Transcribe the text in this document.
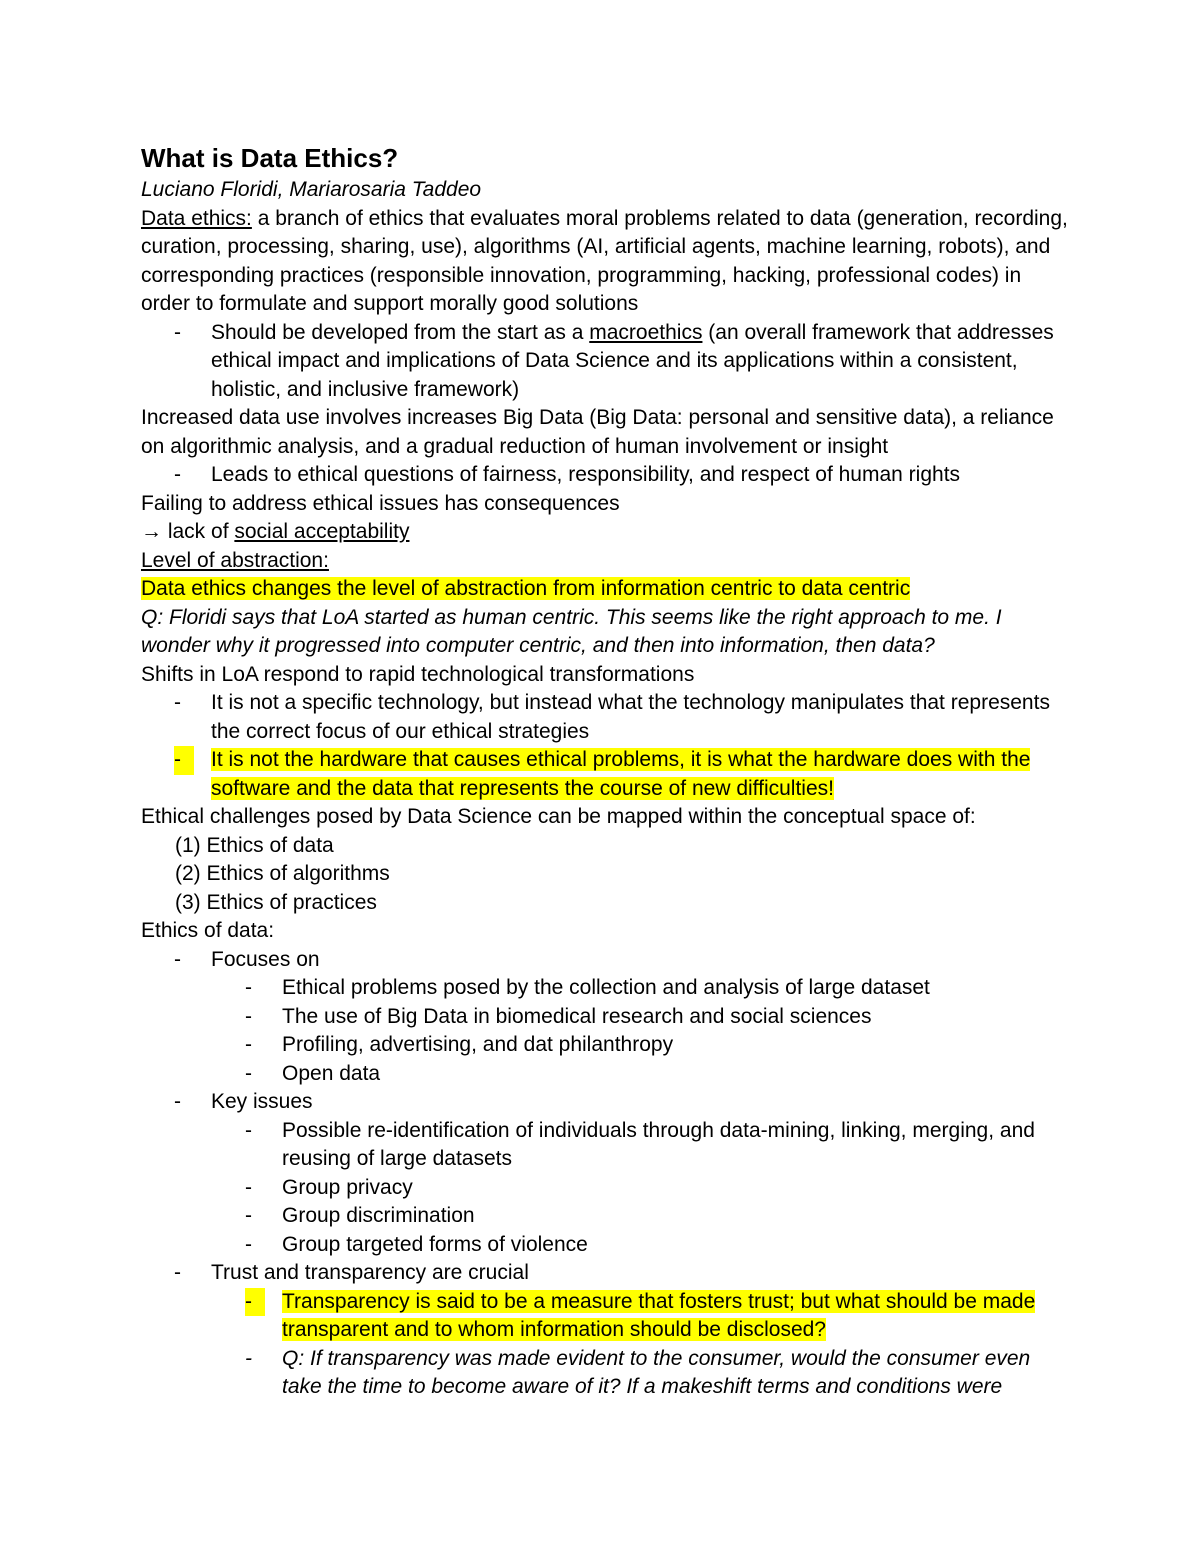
What is Data Ethics?

Luciano Floridi, Mariarosaria Taddeo

Data ethics: a branch of ethics that evaluates moral problems related to data (generation, recording, curation, processing, sharing, use), algorithms (AI, artificial agents, machine learning, robots), and corresponding practices (responsible innovation, programming, hacking, professional codes) in order to formulate and support morally good solutions

-	Should be developed from the start as a macroethics (an overall framework that addresses ethical impact and implications of Data Science and its applications within a consistent, holistic, and inclusive framework)

Increased data use involves increases Big Data (Big Data: personal and sensitive data), a reliance on algorithmic analysis, and a gradual reduction of human involvement or insight

-	Leads to ethical questions of fairness, responsibility, and respect of human rights

Failing to address ethical issues has consequences

→ lack of social acceptability

Level of abstraction:

Data ethics changes the level of abstraction from information centric to data centric

Q: Floridi says that LoA started as human centric. This seems like the right approach to me. I wonder why it progressed into computer centric, and then into information, then data?

Shifts in LoA respond to rapid technological transformations

-	It is not a specific technology, but instead what the technology manipulates that represents the correct focus of our ethical strategies
-	It is not the hardware that causes ethical problems, it is what the hardware does with the software and the data that represents the course of new difficulties!

Ethical challenges posed by Data Science can be mapped within the conceptual space of:

(1) Ethics of data

(2) Ethics of algorithms

(3) Ethics of practices

Ethics of data:

-	Focuses on
-	Ethical problems posed by the collection and analysis of large dataset
-	The use of Big Data in biomedical research and social sciences
-	Profiling, advertising, and dat philanthropy
-	Open data
-	Key issues
-	Possible re-identification of individuals through data-mining, linking, merging, and reusing of large datasets
-	Group privacy
-	Group discrimination
-	Group targeted forms of violence
-	Trust and transparency are crucial
-	Transparency is said to be a measure that fosters trust; but what should be made transparent and to whom information should be disclosed?
-	Q: If transparency was made evident to the consumer, would the consumer even take the time to become aware of it? If a makeshift terms and conditions were
